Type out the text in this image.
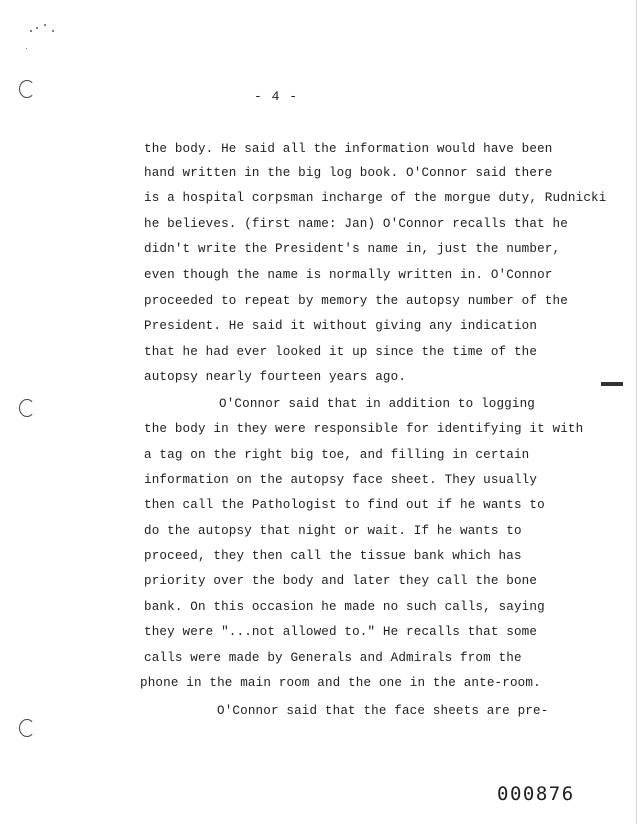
- 4 -
the body. He said all the information would have been
hand written in the big log book. O'Connor said there
is a hospital corpsman incharge of the morgue duty, Rudnicki
he believes. (first name: Jan) O'Connor recalls that he
didn't write the President's name in, just the number,
even though the name is normally written in. O'Connor
proceeded to repeat by memory the autopsy number of the
President. He said it without giving any indication
that he had ever looked it up since the time of the
autopsy nearly fourteen years ago.
O'Connor said that in addition to logging
the body in they were responsible for identifying it with
a tag on the right big toe, and filling in certain
information on the autopsy face sheet. They usually
then call the Pathologist to find out if he wants to
do the autopsy that night or wait. If he wants to
proceed, they then call the tissue bank which has
priority over the body and later they call the bone
bank. On this occasion he made no such calls, saying
they were "...not allowed to." He recalls that some
calls were made by Generals and Admirals from the
phone in the main room and the one in the ante-room.
O'Connor said that the face sheets are pre-
000876
